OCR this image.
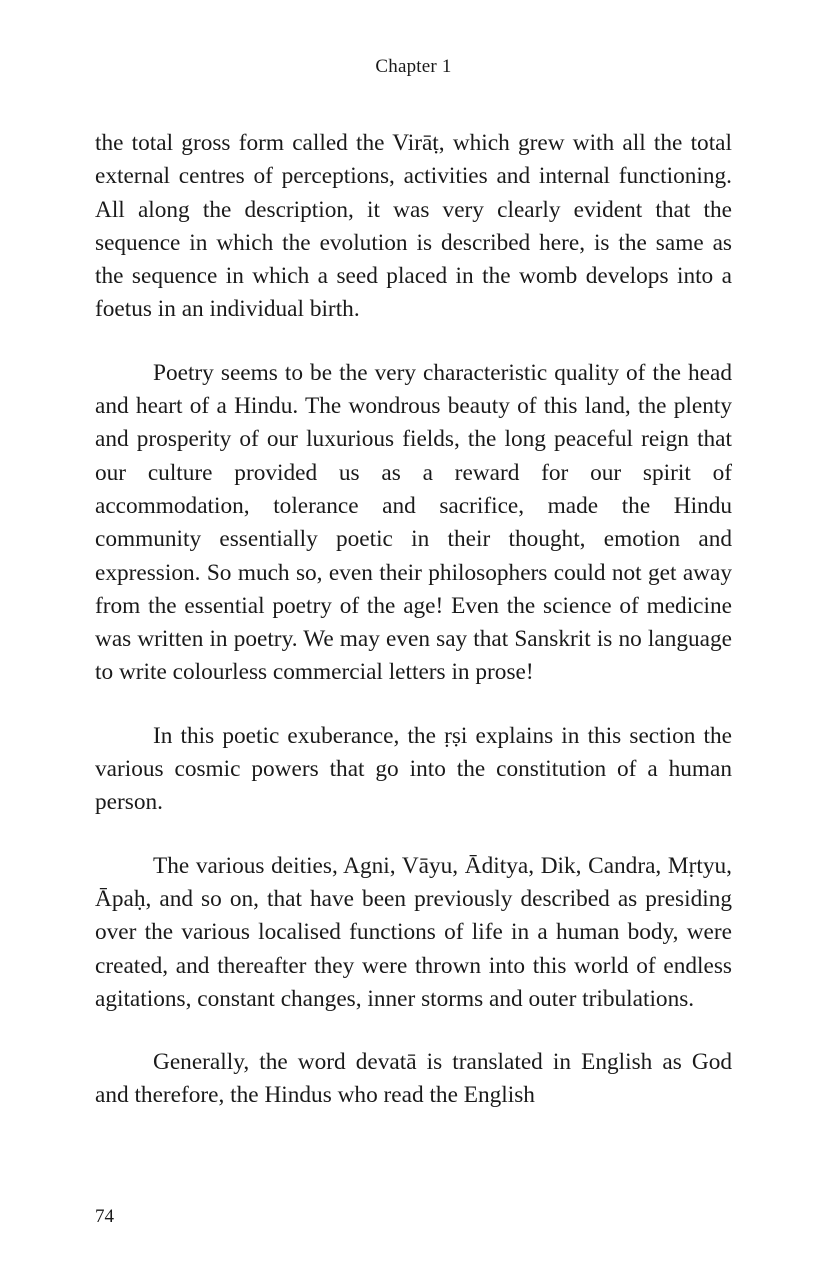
Chapter 1

the total gross form called the Virāṭ, which grew with all the total external centres of perceptions, activities and internal functioning. All along the description, it was very clearly evident that the sequence in which the evolution is described here, is the same as the sequence in which a seed placed in the womb develops into a foetus in an individual birth.

Poetry seems to be the very characteristic quality of the head and heart of a Hindu. The wondrous beauty of this land, the plenty and prosperity of our luxurious fields, the long peaceful reign that our culture provided us as a reward for our spirit of accommodation, tolerance and sacrifice, made the Hindu community essentially poetic in their thought, emotion and expression. So much so, even their philosophers could not get away from the essential poetry of the age! Even the science of medicine was written in poetry. We may even say that Sanskrit is no language to write colourless commercial letters in prose!

In this poetic exuberance, the ṛṣi explains in this section the various cosmic powers that go into the constitution of a human person.

The various deities, Agni, Vāyu, Āditya, Dik, Candra, Mṛtyu, Āpaḥ, and so on, that have been previously described as presiding over the various localised functions of life in a human body, were created, and thereafter they were thrown into this world of endless agitations, constant changes, inner storms and outer tribulations.

Generally, the word devatā is translated in English as God and therefore, the Hindus who read the English

74
